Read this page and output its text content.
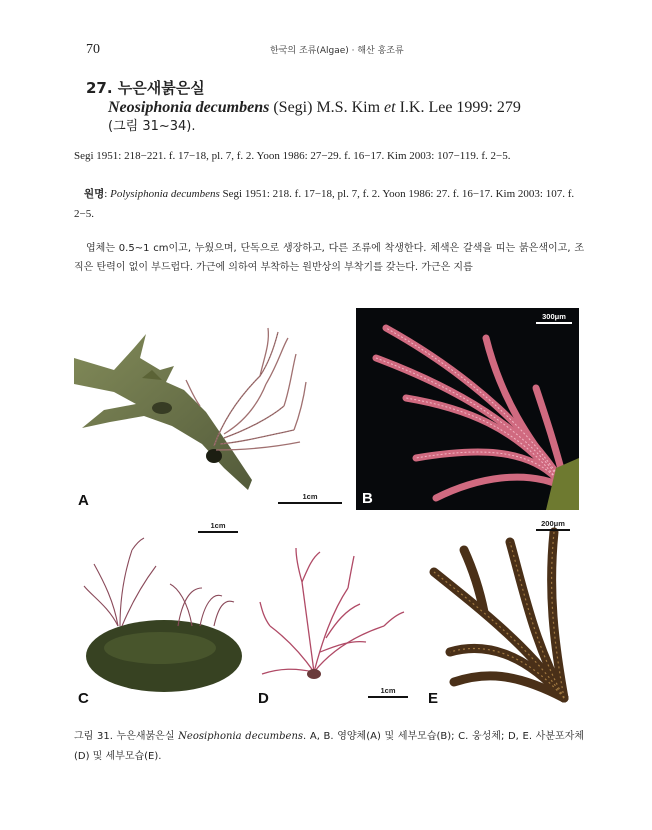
70	한국의 조류(Algae) · 해산 홍조류
27. 누은새붉은실
Neosiphonia decumbens (Segi) M.S. Kim et I.K. Lee 1999: 279
(그림 31~34).
Segi 1951: 218−221. f. 17−18, pl. 7, f. 2. Yoon 1986: 27−29. f. 16−17. Kim 2003: 107−119. f. 2−5.
원명: Polysiphonia decumbens Segi 1951: 218. f. 17−18, pl. 7, f. 2. Yoon 1986: 27. f. 16−17. Kim 2003: 107. f. 2−5.
엽체는 0.5~1 cm이고, 누웠으며, 단독으로 생장하고, 다른 조류에 착생한다. 체색은 갈색을 띠는 붉은색이고, 조직은 탄력이 없이 부드럽다. 가근에 의하여 부착하는 원반상의 부착기를 갖는다. 가근은 지름
A	1cm	B
300μm
C
1cm
D	1cm	E
200μm
그림 31. 누은새붉은실 Neosiphonia decumbens. A, B. 영양체(A) 및 세부모습(B); C. 웅성체; D, E. 사분포자체(D) 및 세부모습(E).
